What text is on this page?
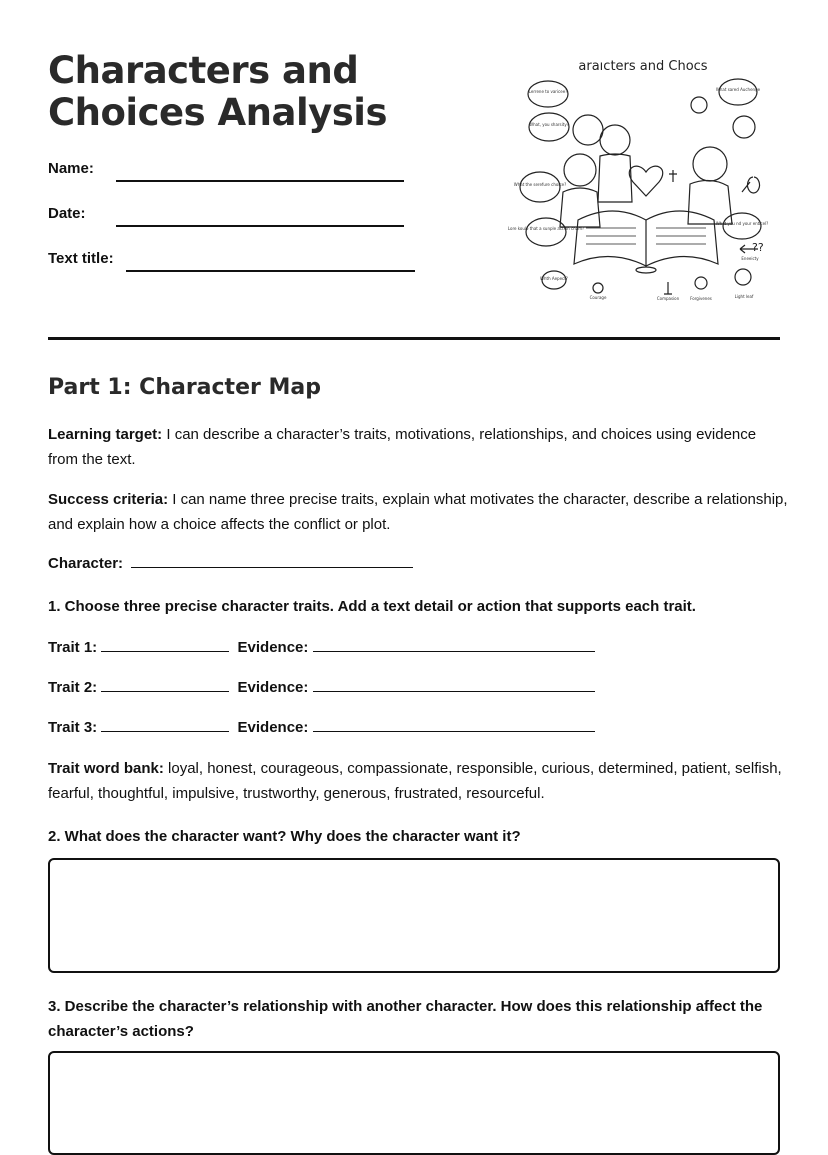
Characters and Choices Analysis
Name:
Date:
Text title:
araıcters and Chocs
??
Lerrene to varicee?	What sared Auchenge
What, you sharsity?
What the serefure choice?
Lore koulo that a sunple action cham?
What you nd your enticel?
Whth Aepect?
Eneeicty
Courage	Compasion	Forgivenes	Light leaf
Part 1: Character Map

Learning target: I can describe a character’s traits, motivations, relationships, and choices using evidence from the text.

Success criteria: I can name three precise traits, explain what motivates the character, describe a relationship, and explain how a choice affects the conflict or plot.

Character:
1. Choose three precise character traits. Add a text detail or action that supports each trait.
Trait 1:	Evidence:
Trait 2:	Evidence:
Trait 3:	Evidence:

Trait word bank: loyal, honest, courageous, compassionate, responsible, curious, determined, patient, selfish, fearful, thoughtful, impulsive, trustworthy, generous, frustrated, resourceful.

2. What does the character want? Why does the character want it?

3. Describe the character’s relationship with another character. How does this relationship affect the character’s actions?
